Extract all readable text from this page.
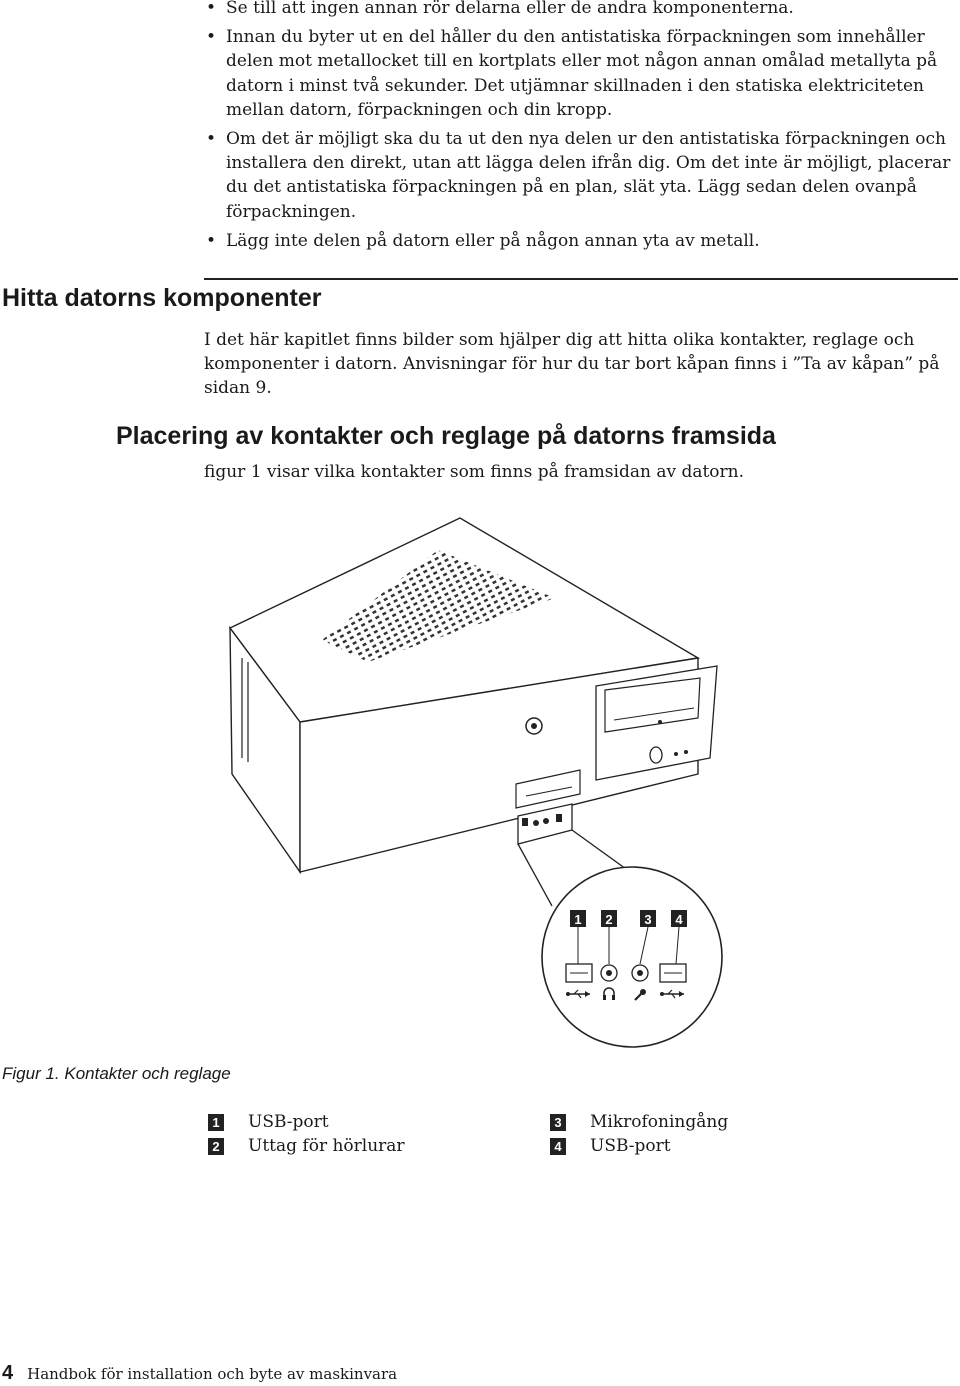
• Se till att ingen annan rör delarna eller de andra komponenterna.
• Innan du byter ut en del håller du den antistatiska förpackningen som innehåller delen mot metallocket till en kortplats eller mot någon annan omålad metallyta på datorn i minst två sekunder. Det utjämnar skillnaden i den statiska elektriciteten mellan datorn, förpackningen och din kropp.
• Om det är möjligt ska du ta ut den nya delen ur den antistatiska förpackningen och installera den direkt, utan att lägga delen ifrån dig. Om det inte är möjligt, placerar du det antistatiska förpackningen på en plan, slät yta. Lägg sedan delen ovanpå förpackningen.
• Lägg inte delen på datorn eller på någon annan yta av metall.
Hitta datorns komponenter

I det här kapitlet finns bilder som hjälper dig att hitta olika kontakter, reglage och komponenter i datorn. Anvisningar för hur du tar bort kåpan finns i ”Ta av kåpan” på sidan 9.

Placering av kontakter och reglage på datorns framsida

figur 1 visar vilka kontakter som finns på framsidan av datorn.

1 2 3 4

Figur 1. Kontakter och reglage

1 USB-port
2 Uttag för hörlurar
3 Mikrofoningång
4 USB-port
4 Handbok för installation och byte av maskinvara
